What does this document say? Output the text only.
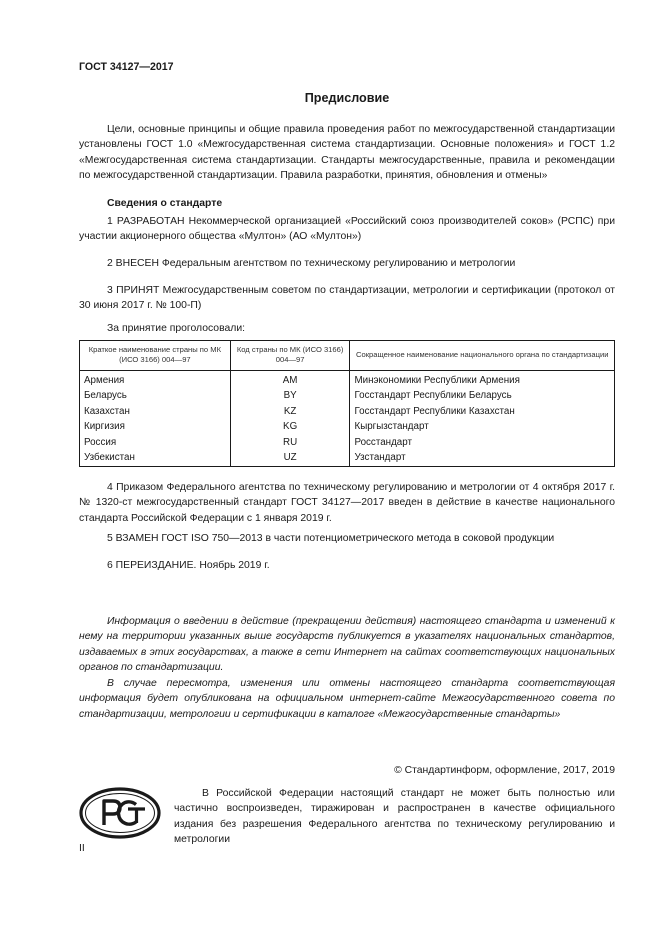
ГОСТ 34127—2017
Предисловие

Цели, основные принципы и общие правила проведения работ по межгосударственной стандартизации установлены ГОСТ 1.0 «Межгосударственная система стандартизации. Основные положения» и ГОСТ 1.2 «Межгосударственная система стандартизации. Стандарты межгосударственные, правила и рекомендации по межгосударственной стандартизации. Правила разработки, принятия, обновления и отмены»

Сведения о стандарте

1 РАЗРАБОТАН Некоммерческой организацией «Российский союз производителей соков» (РСПС) при участии акционерного общества «Мултон» (АО «Мултон»)

2 ВНЕСЕН Федеральным агентством по техническому регулированию и метрологии

3 ПРИНЯТ Межгосударственным советом по стандартизации, метрологии и сертификации (протокол от 30 июня 2017 г. № 100-П)

За принятие проголосовали:

Краткое наименование страны по МК (ИСО 3166) 004—97	Код страны по МК (ИСО 3166) 004—97	Сокращенное наименование национального органа по стандартизации
Армения	AM	Минэкономики Республики Армения
Беларусь	BY	Госстандарт Республики Беларусь
Казахстан	KZ	Госстандарт Республики Казахстан
Киргизия	KG	Кыргызстандарт
Россия	RU	Росстандарт
Узбекистан	UZ	Узстандарт

4 Приказом Федерального агентства по техническому регулированию и метрологии от 4 октября 2017 г. № 1320-ст межгосударственный стандарт ГОСТ 34127—2017 введен в действие в качестве национального стандарта Российской Федерации с 1 января 2019 г.

5 ВЗАМЕН ГОСТ ISO 750—2013 в части потенциометрического метода в соковой продукции

6 ПЕРЕИЗДАНИЕ. Ноябрь 2019 г.

Информация о введении в действие (прекращении действия) настоящего стандарта и изменений к нему на территории указанных выше государств публикуется в указателях национальных стандартов, издаваемых в этих государствах, а также в сети Интернет на сайтах соответствующих национальных органов по стандартизации.

В случае пересмотра, изменения или отмены настоящего стандарта соответствующая информация будет опубликована на официальном интернет-сайте Межгосударственного совета по стандартизации, метрологии и сертификации в каталоге «Межгосударственные стандарты»

© Стандартинформ, оформление, 2017, 2019

В Российской Федерации настоящий стандарт не может быть полностью или частично воспроизведен, тиражирован и распространен в качестве официального издания без разрешения Федерального агентства по техническому регулированию и метрологии

II
